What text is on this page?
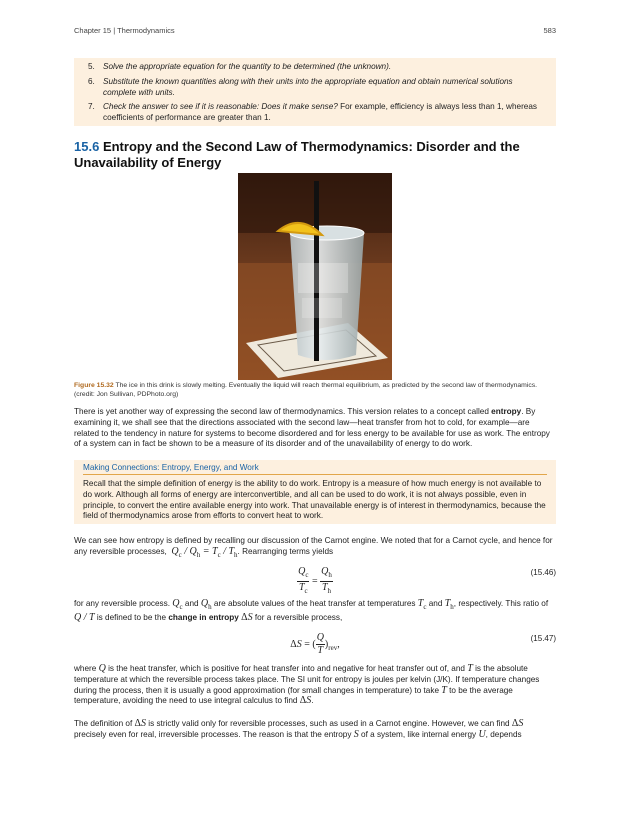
Chapter 15 | Thermodynamics	583
5. Solve the appropriate equation for the quantity to be determined (the unknown).
6. Substitute the known quantities along with their units into the appropriate equation and obtain numerical solutions complete with units.
7. Check the answer to see if it is reasonable: Does it make sense? For example, efficiency is always less than 1, whereas coefficients of performance are greater than 1.
15.6 Entropy and the Second Law of Thermodynamics: Disorder and the Unavailability of Energy
Figure 15.32 The ice in this drink is slowly melting. Eventually the liquid will reach thermal equilibrium, as predicted by the second law of thermodynamics. (credit: Jon Sullivan, PDPhoto.org)

There is yet another way of expressing the second law of thermodynamics. This version relates to a concept called entropy. By examining it, we shall see that the directions associated with the second law—heat transfer from hot to cold, for example—are related to the tendency in nature for systems to become disordered and for less energy to be available for use as work. The entropy of a system can in fact be shown to be a measure of its disorder and of the unavailability of energy to do work.

Making Connections: Entropy, Energy, and Work
Recall that the simple definition of energy is the ability to do work. Entropy is a measure of how much energy is not available to do work. Although all forms of energy are interconvertible, and all can be used to do work, it is not always possible, even in principle, to convert the entire available energy into work. That unavailable energy is of interest in thermodynamics, because the field of thermodynamics arose from efforts to convert heat to work.

We can see how entropy is defined by recalling our discussion of the Carnot engine. We noted that for a Carnot cycle, and hence for any reversible processes, $Q_c / Q_h = T_c / T_h$. Rearranging terms yields

$\frac{Q_c}{T_c} = \frac{Q_h}{T_h}$	(15.46)

for any reversible process. $Q_c$ and $Q_h$ are absolute values of the heat transfer at temperatures $T_c$ and $T_h$, respectively. This ratio of Q / T is defined to be the change in entropy ΔS for a reversible process,

ΔS = ( $\frac{Q}{T} )_{rev}$,
(15.47)

where Q is the heat transfer, which is positive for heat transfer into and negative for heat transfer out of, and T is the absolute temperature at which the reversible process takes place. The SI unit for entropy is joules per kelvin (J/K). If temperature changes during the process, then it is usually a good approximation (for small changes in temperature) to take T to be the average temperature, avoiding the need to use integral calculus to find ΔS.

The definition of ΔS is strictly valid only for reversible processes, such as used in a Carnot engine. However, we can find ΔS precisely even for real, irreversible processes. The reason is that the entropy S of a system, like internal energy U, depends
